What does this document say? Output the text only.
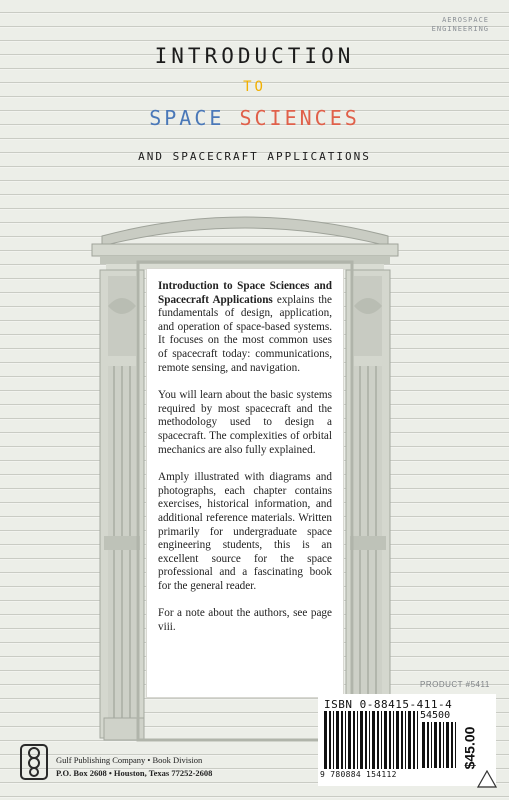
AEROSPACE
ENGINEERING
INTRODUCTION
TO
SPACE SCIENCES
AND SPACECRAFT APPLICATIONS

Introduction to Space Sciences and Spacecraft Applications explains the fundamentals of design, application, and operation of space-based systems. It focuses on the most common uses of spacecraft today: communications, remote sensing, and navigation.

You will learn about the basic systems required by most spacecraft and the methodology used to design a spacecraft. The complexities of orbital mechanics are also fully explained.

Amply illustrated with diagrams and photographs, each chapter contains exercises, historical information, and additional reference materials. Written primarily for undergraduate space engineering students, this is an excellent source for the space professional and a fascinating book for the general reader.

For a note about the authors, see page viii.

PRODUCT #5411
ISBN 0-88415-411-4
54500
9 780884 154112
$45.00
Gulf Publishing Company • Book Division
P.O. Box 2608 • Houston, Texas 77252-2608
